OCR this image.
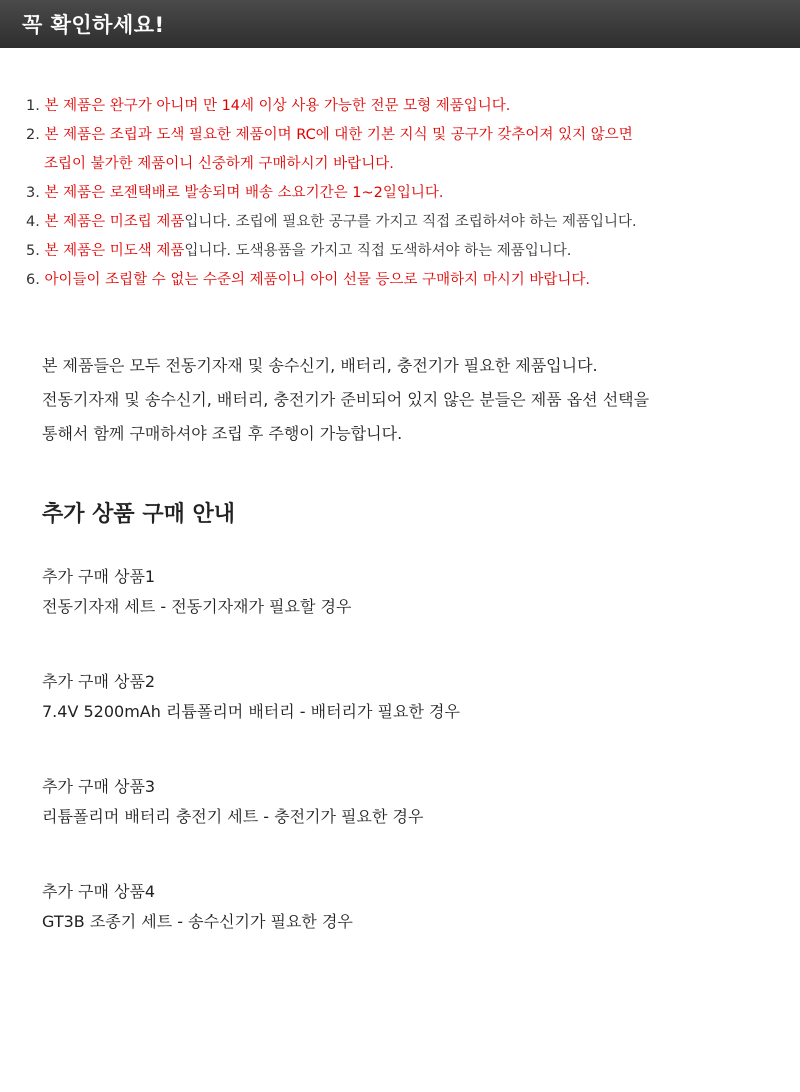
꼭 확인하세요!
1. 본 제품은 완구가 아니며 만 14세 이상 사용 가능한 전문 모형 제품입니다.
2. 본 제품은 조립과 도색 필요한 제품이며 RC에 대한 기본 지식 및 공구가 갖추어져 있지 않으면
조립이 불가한 제품이니 신중하게 구매하시기 바랍니다.
3. 본 제품은 로젠택배로 발송되며 배송 소요기간은 1~2일입니다.
4. 본 제품은 미조립 제품입니다. 조립에 필요한 공구를 가지고 직접 조립하셔야 하는 제품입니다.
5. 본 제품은 미도색 제품입니다. 도색용품을 가지고 직접 도색하셔야 하는 제품입니다.
6. 아이들이 조립할 수 없는 수준의 제품이니 아이 선물 등으로 구매하지 마시기 바랍니다.
본 제품들은 모두 전동기자재 및 송수신기, 배터리, 충전기가 필요한 제품입니다.
전동기자재 및 송수신기, 배터리, 충전기가 준비되어 있지 않은 분들은 제품 옵션 선택을
통해서 함께 구매하셔야 조립 후 주행이 가능합니다.
추가 상품 구매 안내
추가 구매 상품1
전동기자재 세트 - 전동기자재가 필요할 경우
추가 구매 상품2
7.4V 5200mAh 리튬폴리머 배터리 - 배터리가 필요한 경우
추가 구매 상품3
리튬폴리머 배터리 충전기 세트 - 충전기가 필요한 경우
추가 구매 상품4
GT3B 조종기 세트 - 송수신기가 필요한 경우
